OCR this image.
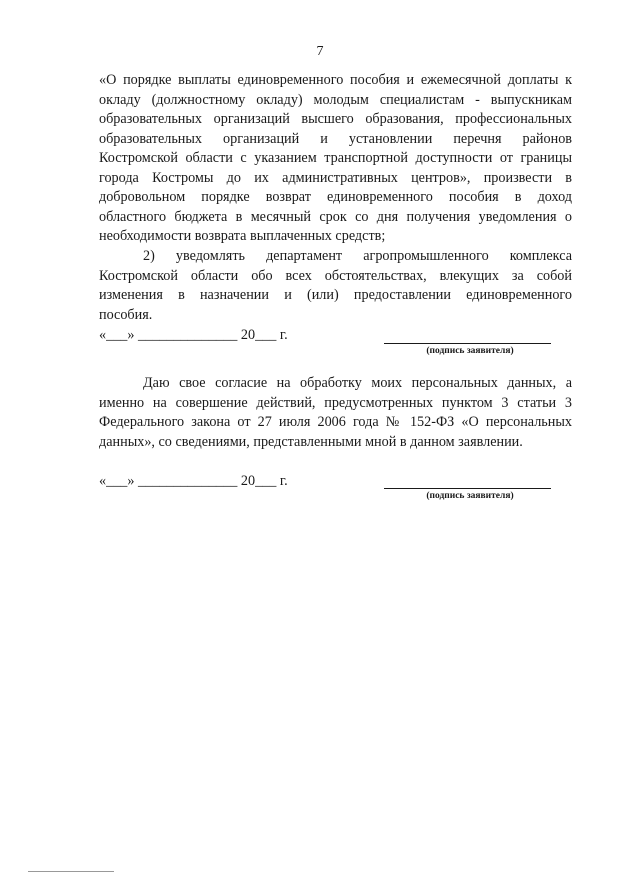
7
«О порядке выплаты единовременного пособия и ежемесячной доплаты к
окладу (должностному окладу) молодым специалистам - выпускникам
образовательных организаций высшего образования, профессиональных
образовательных организаций и установлении перечня районов
Костромской области с указанием транспортной доступности от границы
города Костромы до их административных центров», произвести в
добровольном порядке возврат единовременного пособия в доход
областного бюджета в месячный срок со дня получения уведомления о
необходимости возврата выплаченных средств;
2) уведомлять департамент агропромышленного комплекса
Костромской области обо всех обстоятельствах, влекущих за собой
изменения в назначении и (или) предоставлении единовременного
пособия.
«___» ______________ 20___ г.
(подпись заявителя)
Даю свое согласие на обработку моих персональных данных, а
именно на совершение действий, предусмотренных пунктом 3 статьи 3
Федерального закона от 27 июля 2006 года № 152-ФЗ «О персональных
данных», со сведениями, представленными мной в данном заявлении.
«___» ______________ 20___ г.
(подпись заявителя)
